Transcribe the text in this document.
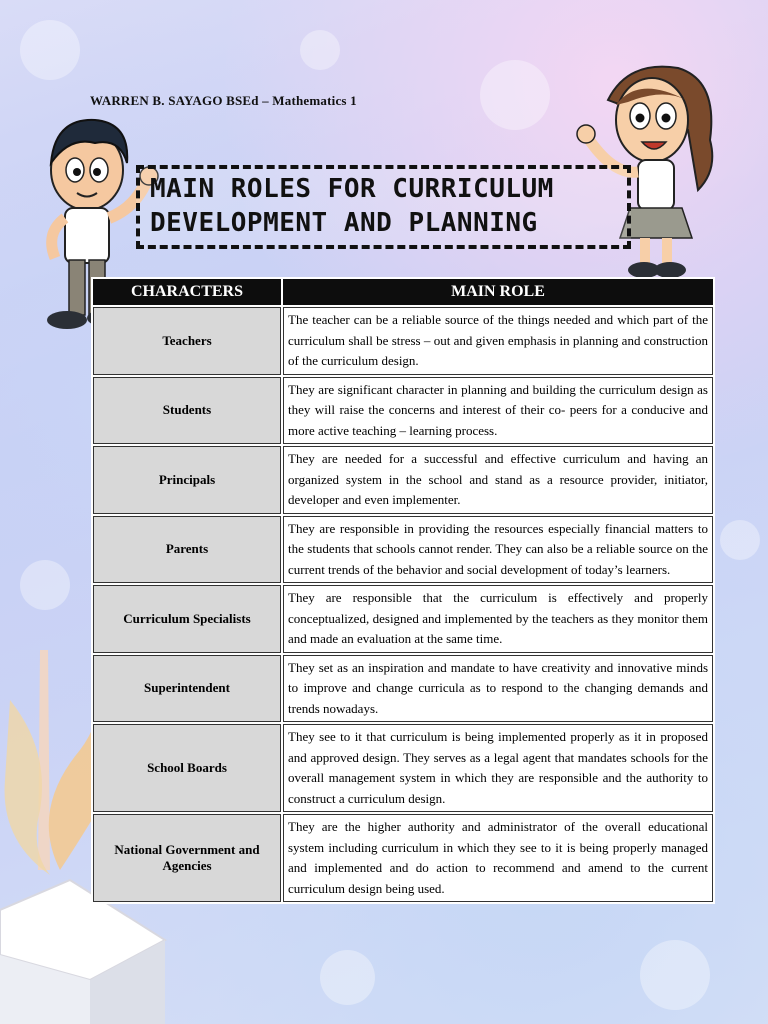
WARREN B. SAYAGO BSEd – Mathematics 1
MAIN ROLES FOR CURRICULUM
DEVELOPMENT AND PLANNING
CHARACTERS	MAIN ROLE
Teachers	The teacher can be a reliable source of the things needed and which part of the curriculum shall be stress – out and given emphasis in planning and construction of the curriculum design.
Students	They are significant character in planning and building the curriculum design as they will raise the concerns and interest of their co- peers for a conducive and more active teaching – learning process.
Principals	They are needed for a successful and effective curriculum and having an organized system in the school and stand as a resource provider, initiator, developer and even implementer.
Parents	They are responsible in providing the resources especially financial matters to the students that schools cannot render. They can also be a reliable source on the current trends of the behavior and social development of today’s learners.
Curriculum Specialists	They are responsible that the curriculum is effectively and properly conceptualized, designed and implemented by the teachers as they monitor them and made an evaluation at the same time.
Superintendent	They set as an inspiration and mandate to have creativity and innovative minds to improve and change curricula as to respond to the changing demands and trends nowadays.
School Boards	They see to it that curriculum is being implemented properly as it in proposed and approved design. They serves as a legal agent that mandates schools for the overall management system in which they are responsible and the authority to construct a curriculum design.
National Government and Agencies	They are the higher authority and administrator of the overall educational system including curriculum in which they see to it is being properly managed and implemented and do action to recommend and amend to the current curriculum design being used.
